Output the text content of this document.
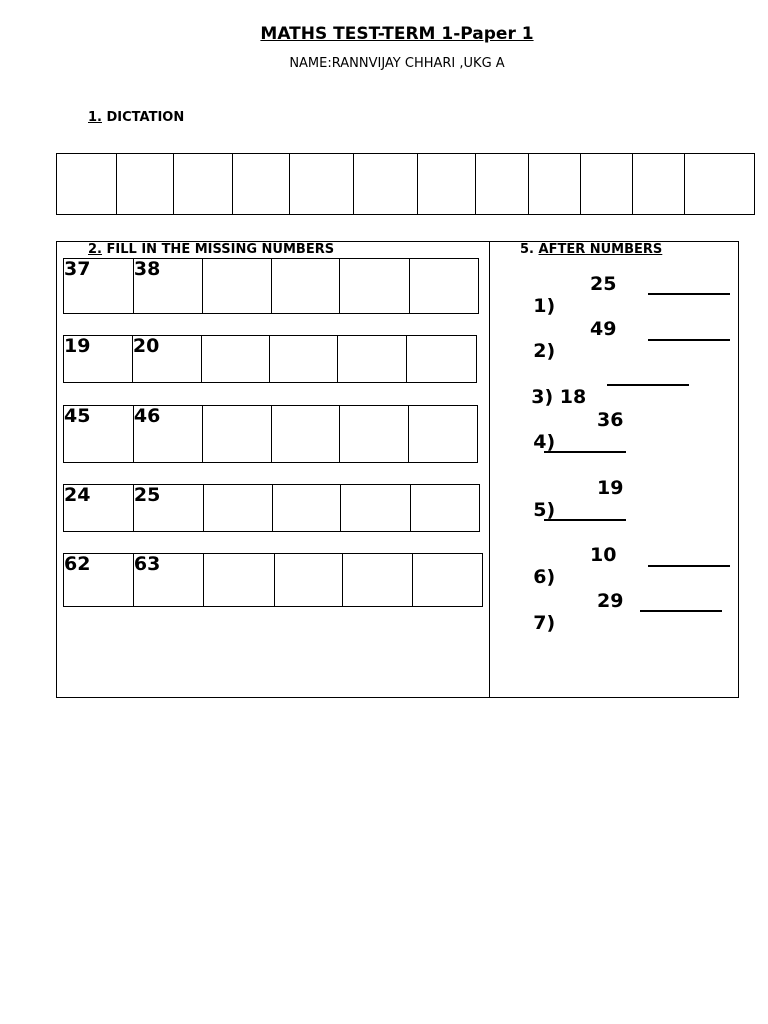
MATHS TEST-TERM 1-Paper 1
NAME:RANNVIJAY CHHARI ,UKG A
1. DICTATION

2. FILL IN THE MISSING NUMBERS
37	38				
19	20				
45	46				
24	25				
62	63				
5. AFTER NUMBERS

1)

25

2)

49

3) 18

4)

36

5)

19

6)

10

7)

29
